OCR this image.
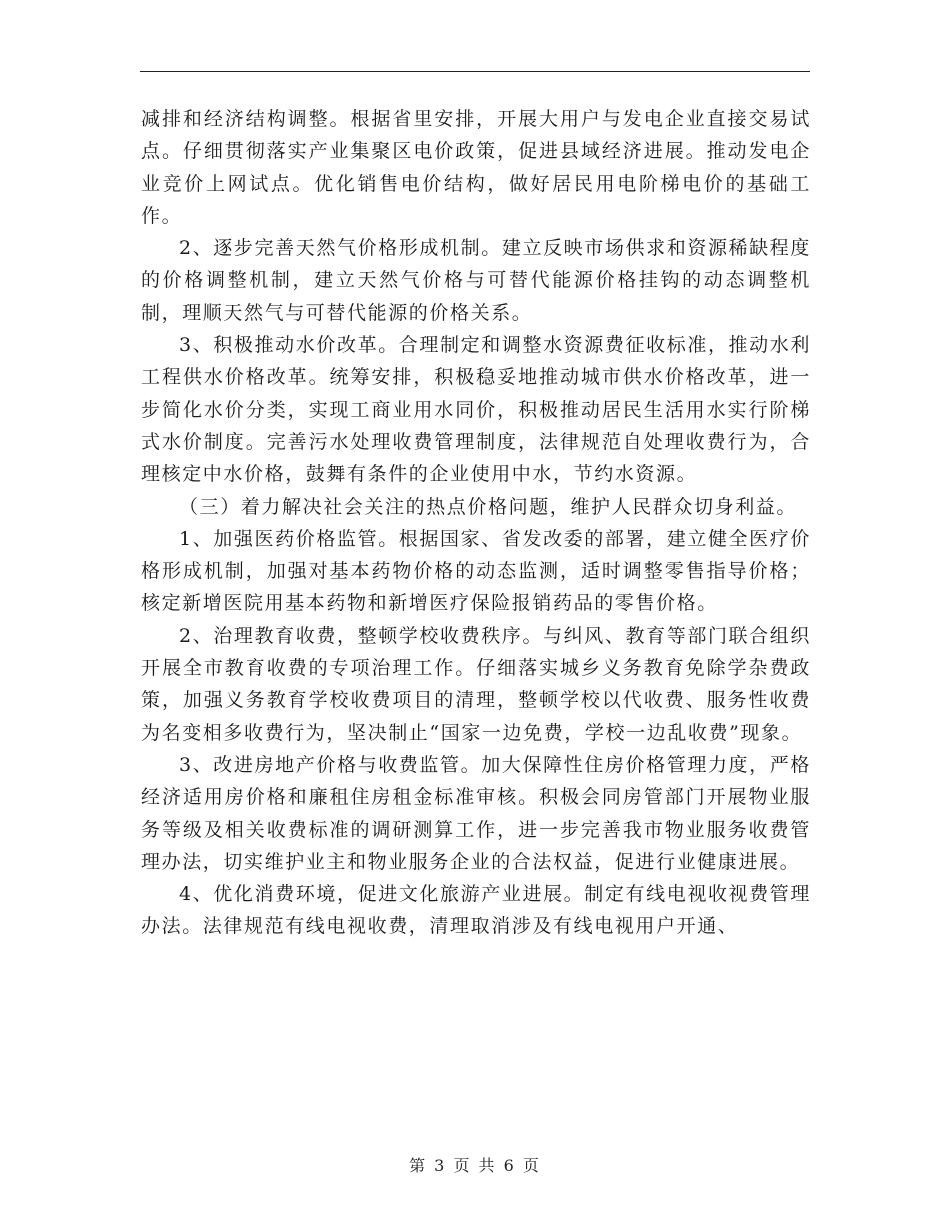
减排和经济结构调整。根据省里安排，开展大用户与发电企业直接交易试点。仔细贯彻落实产业集聚区电价政策，促进县域经济进展。推动发电企业竞价上网试点。优化销售电价结构，做好居民用电阶梯电价的基础工作。

2、逐步完善天然气价格形成机制。建立反映市场供求和资源稀缺程度的价格调整机制，建立天然气价格与可替代能源价格挂钩的动态调整机制，理顺天然气与可替代能源的价格关系。

3、积极推动水价改革。合理制定和调整水资源费征收标准，推动水利工程供水价格改革。统筹安排，积极稳妥地推动城市供水价格改革，进一步简化水价分类，实现工商业用水同价，积极推动居民生活用水实行阶梯式水价制度。完善污水处理收费管理制度，法律规范自处理收费行为，合理核定中水价格，鼓舞有条件的企业使用中水，节约水资源。

（三）着力解决社会关注的热点价格问题，维护人民群众切身利益。

1、加强医药价格监管。根据国家、省发改委的部署，建立健全医疗价格形成机制，加强对基本药物价格的动态监测，适时调整零售指导价格；核定新增医院用基本药物和新增医疗保险报销药品的零售价格。

2、治理教育收费，整顿学校收费秩序。与纠风、教育等部门联合组织开展全市教育收费的专项治理工作。仔细落实城乡义务教育免除学杂费政策，加强义务教育学校收费项目的清理，整顿学校以代收费、服务性收费为名变相多收费行为，坚决制止“国家一边免费，学校一边乱收费”现象。

3、改进房地产价格与收费监管。加大保障性住房价格管理力度，严格经济适用房价格和廉租住房租金标准审核。积极会同房管部门开展物业服务等级及相关收费标准的调研测算工作，进一步完善我市物业服务收费管理办法，切实维护业主和物业服务企业的合法权益，促进行业健康进展。

4、优化消费环境，促进文化旅游产业进展。制定有线电视收视费管理办法。法律规范有线电视收费，清理取消涉及有线电视用户开通、

第 3 页 共 6 页
